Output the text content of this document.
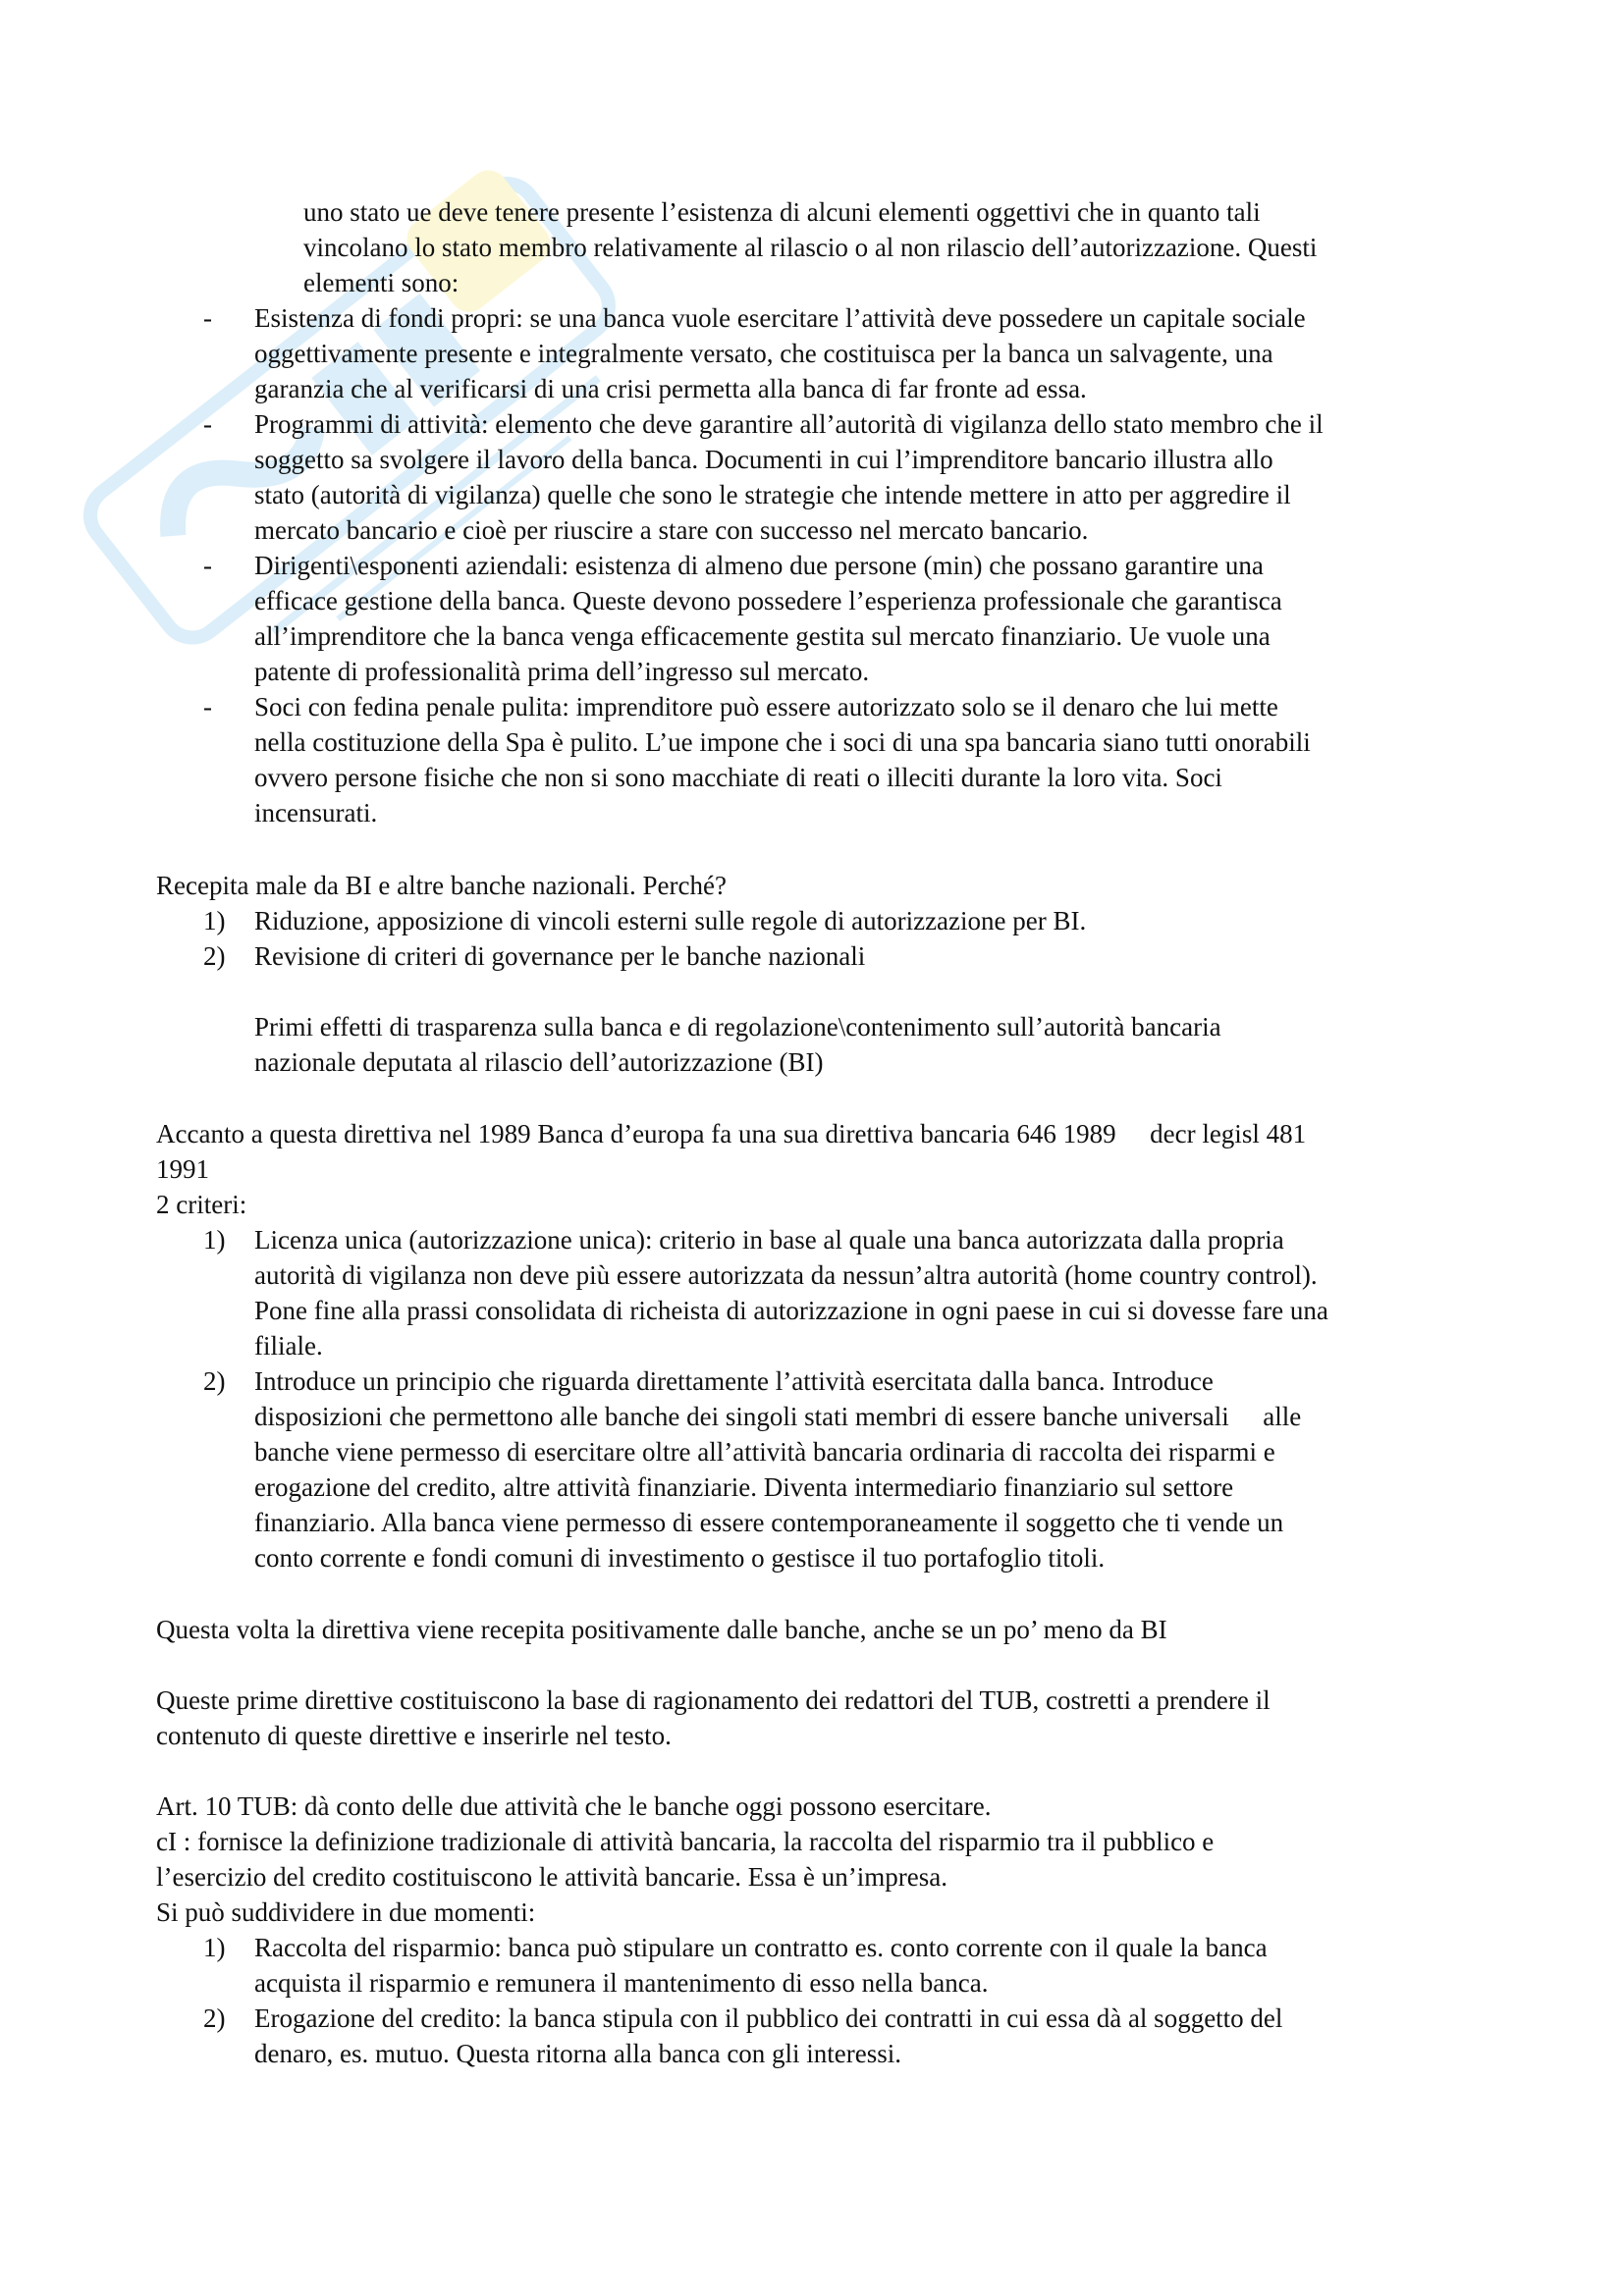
uno stato ue deve tenere presente l’esistenza di alcuni elementi oggettivi che in quanto tali

vincolano lo stato membro relativamente al rilascio o al non rilascio dell’autorizzazione. Questi

elementi sono:

- Esistenza di fondi propri: se una banca vuole esercitare l’attività deve possedere un capitale sociale

oggettivamente presente e integralmente versato, che costituisca per la banca un salvagente, una

garanzia che al verificarsi di una crisi permetta alla banca di far fronte ad essa.

- Programmi di attività: elemento che deve garantire all’autorità di vigilanza dello stato membro che il

soggetto sa svolgere il lavoro della banca. Documenti in cui l’imprenditore bancario illustra allo

stato (autorità di vigilanza) quelle che sono le strategie che intende mettere in atto per aggredire il

mercato bancario e cioè per riuscire a stare con successo nel mercato bancario.

- Dirigenti\esponenti aziendali: esistenza di almeno due persone (min) che possano garantire una

efficace gestione della banca. Queste devono possedere l’esperienza professionale che garantisca

all’imprenditore che la banca venga efficacemente gestita sul mercato finanziario. Ue vuole una

patente di professionalità prima dell’ingresso sul mercato.

- Soci con fedina penale pulita: imprenditore può essere autorizzato solo se il denaro che lui mette

nella costituzione della Spa è pulito. L’ue impone che i soci di una spa bancaria siano tutti onorabili

ovvero persone fisiche che non si sono macchiate di reati o illeciti durante la loro vita. Soci

incensurati.

Recepita male da BI e altre banche nazionali. Perché?

1) Riduzione, apposizione di vincoli esterni sulle regole di autorizzazione per BI.

2) Revisione di criteri di governance per le banche nazionali

Primi effetti di trasparenza sulla banca e di regolazione\contenimento sull’autorità bancaria

nazionale deputata al rilascio dell’autorizzazione (BI)

Accanto a questa direttiva nel 1989 Banca d’europa fa una sua direttiva bancaria 646 1989 decr legisl 481

1991

2 criteri:

1) Licenza unica (autorizzazione unica): criterio in base al quale una banca autorizzata dalla propria

autorità di vigilanza non deve più essere autorizzata da nessun’altra autorità (home country control).

Pone fine alla prassi consolidata di richeista di autorizzazione in ogni paese in cui si dovesse fare una

filiale.

2) Introduce un principio che riguarda direttamente l’attività esercitata dalla banca. Introduce

disposizioni che permettono alle banche dei singoli stati membri di essere banche universali alle

banche viene permesso di esercitare oltre all’attività bancaria ordinaria di raccolta dei risparmi e

erogazione del credito, altre attività finanziarie. Diventa intermediario finanziario sul settore

finanziario. Alla banca viene permesso di essere contemporaneamente il soggetto che ti vende un

conto corrente e fondi comuni di investimento o gestisce il tuo portafoglio titoli.

Questa volta la direttiva viene recepita positivamente dalle banche, anche se un po’ meno da BI

Queste prime direttive costituiscono la base di ragionamento dei redattori del TUB, costretti a prendere il

contenuto di queste direttive e inserirle nel testo.

Art. 10 TUB: dà conto delle due attività che le banche oggi possono esercitare.

cI : fornisce la definizione tradizionale di attività bancaria, la raccolta del risparmio tra il pubblico e

l’esercizio del credito costituiscono le attività bancarie. Essa è un’impresa.

Si può suddividere in due momenti:

1) Raccolta del risparmio: banca può stipulare un contratto es. conto corrente con il quale la banca

acquista il risparmio e remunera il mantenimento di esso nella banca.

2) Erogazione del credito: la banca stipula con il pubblico dei contratti in cui essa dà al soggetto del

denaro, es. mutuo. Questa ritorna alla banca con gli interessi.
